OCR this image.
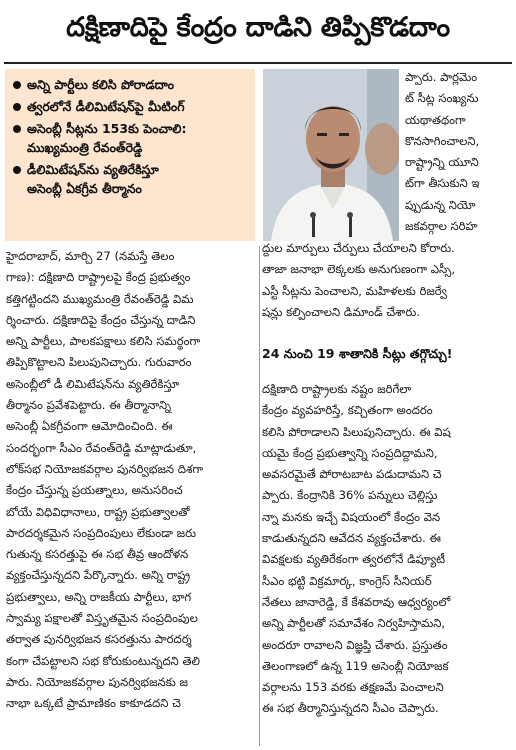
దక్షిణాదిపై కేంద్రం దాడిని తిప్పికొడదాం
అన్ని పార్టీలు కలిసి పోరాడదాం
త్వరలోనే డీలిమిటేషన్‌పై మీటింగ్
అసెంబ్లీ సీట్లను 153కు పెంచాలి:
ముఖ్యమంత్రి రేవంత్‌రెడ్డి
డీలిమిటేషన్‌ను వ్యతిరేకిస్తూ
అసెంబ్లీ ఏకగ్రీవ తీర్మానం

ప్పారు. పార్లమెం
ట్ సీట్ల సంఖ్యను
యథాతథంగా
కొనసాగించాలని,
రాష్ట్రాన్ని యూని
ట్‌గా తీసుకుని ఇ

ప్పుడున్న నియో
జకవర్గాల సరిహ

ద్దుల మార్పులు చేర్పులు చేయాలని కోరారు.
తాజా జనాభా లెక్కలకు అనుగుణంగా ఎస్సీ,
ఎస్టీ సీట్లను పెంచాలని, మహిళలకు రిజర్వే
షన్లు కల్పించాలని డిమాండ్ చేశారు.

24 నుంచి 19 శాతానికి సీట్లు తగ్గొచ్చు!

దక్షిణాది రాష్ట్రాలకు నష్టం జరిగేలా
కేంద్రం వ్యవహరిస్తే, కచ్చితంగా అందరం
కలిసి పోరాడాలని పిలుపునిచ్చారు. ఈ విష
యమై కేంద్ర ప్రభుత్వాన్ని సంప్రదిద్దామని,
అవసరమైతే పోరాటబాట పడుదామని చె
ప్పారు. కేంద్రానికి 36% పన్నులు చెల్లిస్తు
న్నా మనకు ఇచ్చే విషయంలో కేంద్రం వెన
కాడుతున్నదని ఆవేదన వ్యక్తంచేశారు. ఈ
వివక్షలకు వ్యతిరేకంగా త్వరలోనే డిప్యూటీ
సీఎం భట్టి విక్రమార్క, కాంగ్రెస్ సీనియర్
నేతలు జానారెడ్డి, కే కేశవరావు ఆధ్వర్యంలో
అన్ని పార్టీలతో సమావేశం నిర్వహిస్తామని,
అందరూ రావాలని విజ్ఞప్తి చేశారు. ప్రస్తుతం
తెలంగాణలో ఉన్న 119 అసెంబ్లీ నియోజక
వర్గాలను 153 వరకు తక్షణమే పెంచాలని
ఈ సభ తీర్మానిస్తున్నదని సీఎం చెప్పారు.

హైదరాబాద్, మార్చి 27 (నమస్తే తెలం
గాణ): దక్షిణాది రాష్ట్రాలపై కేంద్ర ప్రభుత్వం
కత్తిగట్టిందని ముఖ్యమంత్రి రేవంత్‌రెడ్డి విమ
ర్శించారు. దక్షిణాదిపై కేంద్రం చేస్తున్న దాడిని
అన్ని పార్టీలు, పాలకపక్షాలు కలిసి సమర్థంగా
తిప్పికొట్టాలని పిలుపునిచ్చారు. గురువారం
అసెంబ్లీలో డీ లిమిటేషన్‌ను వ్యతిరేకిస్తూ
తీర్మానం ప్రవేశపెట్టారు. ఈ తీర్మానాన్ని
అసెంబ్లీ ఏకగ్రీవంగా ఆమోదించింది. ఈ
సందర్భంగా సీఎం రేవంత్‌రెడ్డి మాట్లాడుతూ,
లోక్‌సభ నియోజకవర్గాల పునర్విభజన దిశగా
కేంద్రం చేస్తున్న ప్రయత్నాలు, అనుసరించ
బోయే విధివిధానాలు, రాష్ట్ర ప్రభుత్వాలతో
పారదర్శకమైన సంప్రదింపులు లేకుండా జరు
గుతున్న కసరత్తుపై ఈ సభ తీవ్ర ఆందోళన
వ్యక్తంచేస్తున్నదని పేర్కొన్నారు. అన్ని రాష్ట్ర
ప్రభుత్వాలు, అన్ని రాజకీయ పార్టీలు, భాగ
స్వామ్య పక్షాలతో విస్తృతమైన సంప్రదింపుల
తర్వాత పునర్విభజన కసరత్తును పారదర్శ
కంగా చేపట్టాలని సభ కోరుకుంటున్నదని తెలి
పారు. నియోజకవర్గాల పునర్విభజనకు జ
నాభా ఒక్కటే ప్రామాణికం కాకూడదని చె
